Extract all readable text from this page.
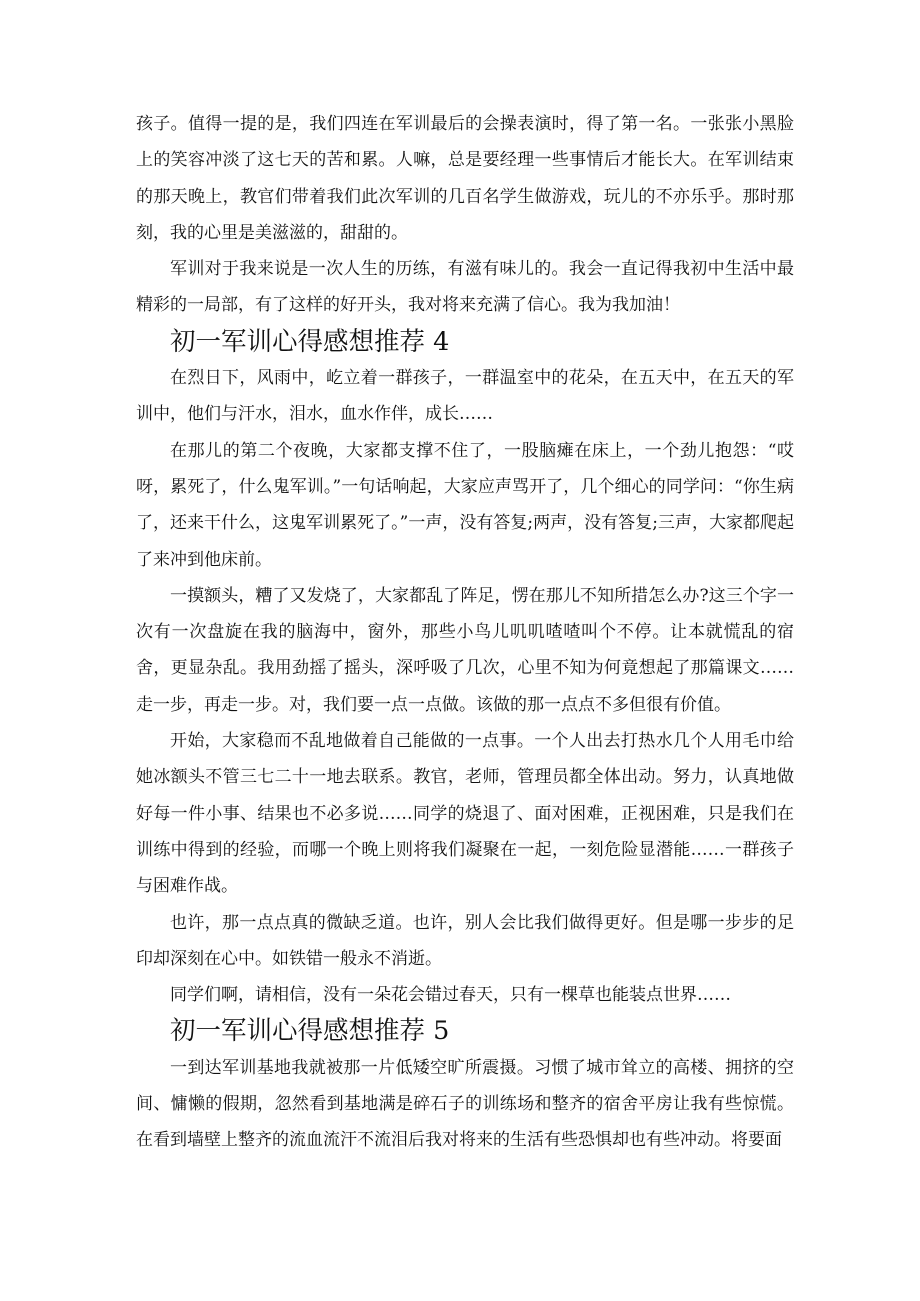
孩子。值得一提的是，我们四连在军训最后的会操表演时，得了第一名。一张张小黑脸上的笑容冲淡了这七天的苦和累。人嘛，总是要经理一些事情后才能长大。在军训结束的那天晚上，教官们带着我们此次军训的几百名学生做游戏，玩儿的不亦乐乎。那时那刻，我的心里是美滋滋的，甜甜的。

军训对于我来说是一次人生的历练，有滋有味儿的。我会一直记得我初中生活中最精彩的一局部，有了这样的好开头，我对将来充满了信心。我为我加油！

初一军训心得感想推荐 4

在烈日下，风雨中，屹立着一群孩子，一群温室中的花朵，在五天中，在五天的军训中，他们与汗水，泪水，血水作伴，成长……

在那儿的第二个夜晚，大家都支撑不住了，一股脑瘫在床上，一个劲儿抱怨：“哎呀，累死了，什么鬼军训。”一句话响起，大家应声骂开了，几个细心的同学问：“你生病了，还来干什么，这鬼军训累死了。”一声，没有答复;两声，没有答复;三声，大家都爬起了来冲到他床前。

一摸额头，糟了又发烧了，大家都乱了阵足，愣在那儿不知所措怎么办?这三个字一次有一次盘旋在我的脑海中，窗外，那些小鸟儿叽叽喳喳叫个不停。让本就慌乱的宿舍，更显杂乱。我用劲摇了摇头，深呼吸了几次，心里不知为何竟想起了那篇课文……走一步，再走一步。对，我们要一点一点做。该做的那一点点不多但很有价值。

开始，大家稳而不乱地做着自己能做的一点事。一个人出去打热水几个人用毛巾给她冰额头不管三七二十一地去联系。教官，老师，管理员都全体出动。努力，认真地做好每一件小事、结果也不必多说……同学的烧退了、面对困难，正视困难，只是我们在训练中得到的经验，而哪一个晚上则将我们凝聚在一起，一刻危险显潜能……一群孩子与困难作战。

也许，那一点点真的微缺乏道。也许，别人会比我们做得更好。但是哪一步步的足印却深刻在心中。如铁错一般永不消逝。

同学们啊，请相信，没有一朵花会错过春天，只有一棵草也能装点世界……

初一军训心得感想推荐 5

一到达军训基地我就被那一片低矮空旷所震摄。习惯了城市耸立的高楼、拥挤的空间、慵懒的假期，忽然看到基地满是碎石子的训练场和整齐的宿舍平房让我有些惊慌。在看到墙壁上整齐的流血流汗不流泪后我对将来的生活有些恐惧却也有些冲动。将要面
